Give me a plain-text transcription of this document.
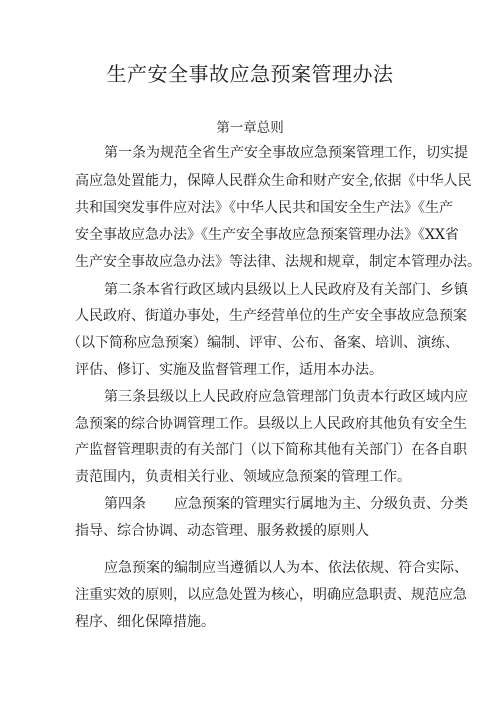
生产安全事故应急预案管理办法
第一章总则
第一条为规范全省生产安全事故应急预案管理工作，切实提
高应急处置能力，保障人民群众生命和财产安全,依据《中华人民
共和国突发事件应对法》《中华人民共和国安全生产法》《生产
安全事故应急办法》《生产安全事故应急预案管理办法》《XX省
生产安全事故应急办法》等法律、法规和规章，制定本管理办法。
第二条本省行政区域内县级以上人民政府及有关部门、乡镇
人民政府、街道办事处，生产经营单位的生产安全事故应急预案
（以下简称应急预案）编制、评审、公布、备案、培训、演练、
评估、修订、实施及监督管理工作，适用本办法。
第三条县级以上人民政府应急管理部门负责本行政区域内应
急预案的综合协调管理工作。县级以上人民政府其他负有安全生
产监督管理职责的有关部门（以下简称其他有关部门）在各自职
责范围内，负责相关行业、领域应急预案的管理工作。
第四条　　应急预案的管理实行属地为主、分级负责、分类
指导、综合协调、动态管理、服务救援的原则人
应急预案的编制应当遵循以人为本、依法依规、符合实际、
注重实效的原则，以应急处置为核心，明确应急职责、规范应急
程序、细化保障措施。
